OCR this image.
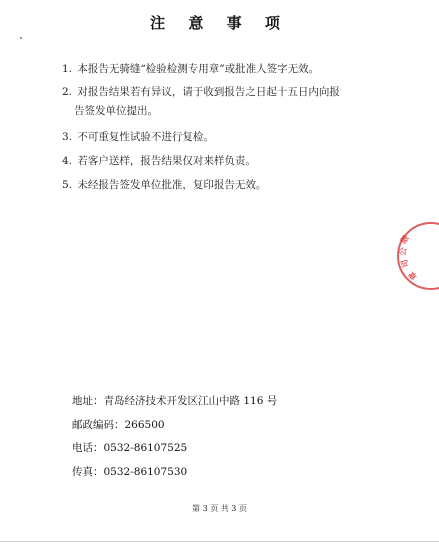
注 意 事 项
1. 本报告无骑缝“检验检测专用章”或批准人签字无效。
2. 对报告结果若有异议，请于收到报告之日起十五日内向报
告签发单位提出。
3. 不可重复性试验不进行复检。
4. 若客户送样，报告结果仅对来样负责。
5. 未经报告签发单位批准，复印报告无效。
限
公
司
章
地址：青岛经济技术开发区江山中路 116 号
邮政编码：266500
电话：0532-86107525
传真：0532-86107530
第 3 页 共 3 页
